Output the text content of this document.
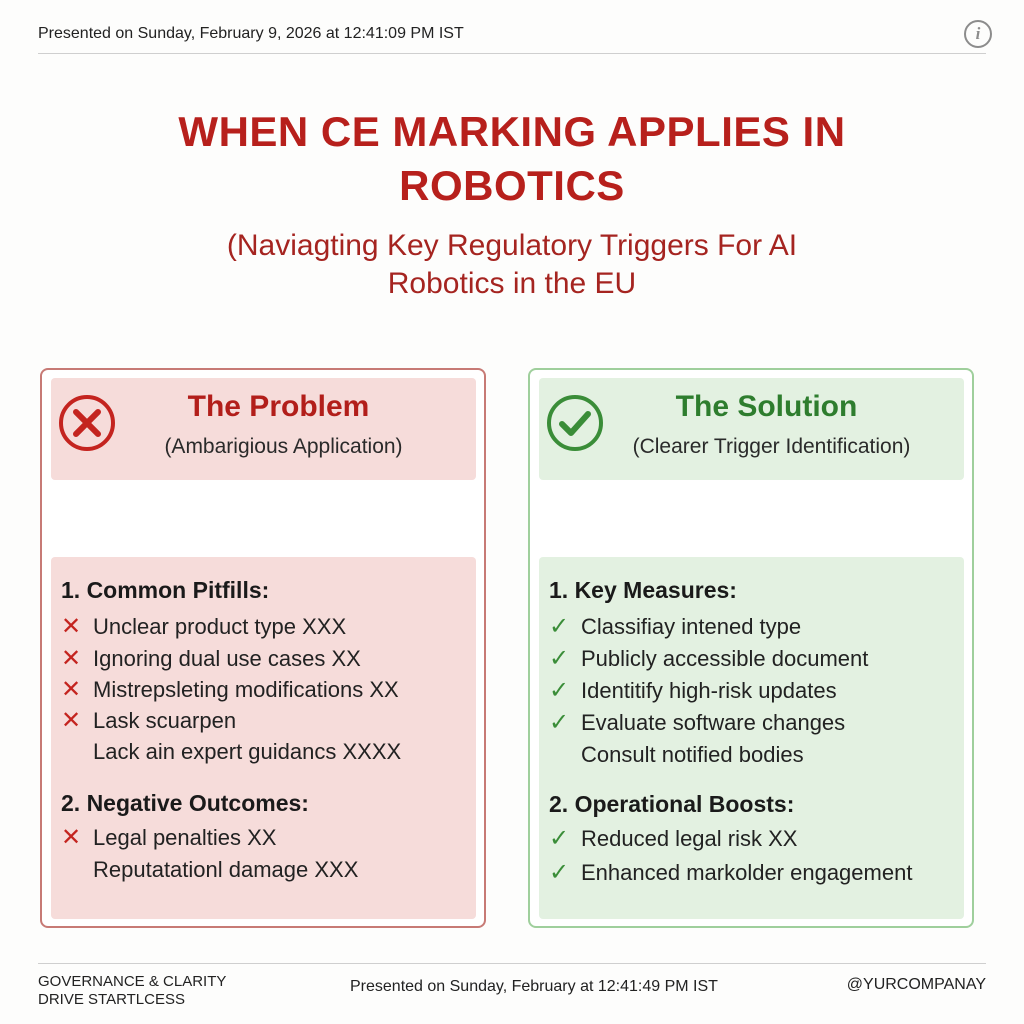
Presented on Sunday, February 9, 2026 at 12:41:09 PM IST	i
WHEN CE MARKING APPLIES IN ROBOTICS
(Naviagting Key Regulatory Triggers For AI Robotics in the EU
The Problem
(Ambarigious Application)
1. Common Pitfills:
✕ Unclear product type XXX
✕ Ignoring dual use cases XX
✕ Mistrepsleting modifications XX
✕ Lask scuarpen
Lack ain expert guidancs XXXX
2. Negative Outcomes:
✕ Legal penalties XX
Reputatationl damage XXX
The Solution
(Clearer Trigger Identification)
1. Key Measures:
✓ Classifiay intened type
✓ Publicly accessible document
✓ Identitify high-risk updates
✓ Evaluate software changes
Consult notified bodies
2. Operational Boosts:
✓ Reduced legal risk XX
✓ Enhanced markolder engagement
GOVERNANCE & CLARITY
DRIVE STARTLCESS
Presented on Sunday, February at 12:41:49 PM IST	@YURCOMPANAY
